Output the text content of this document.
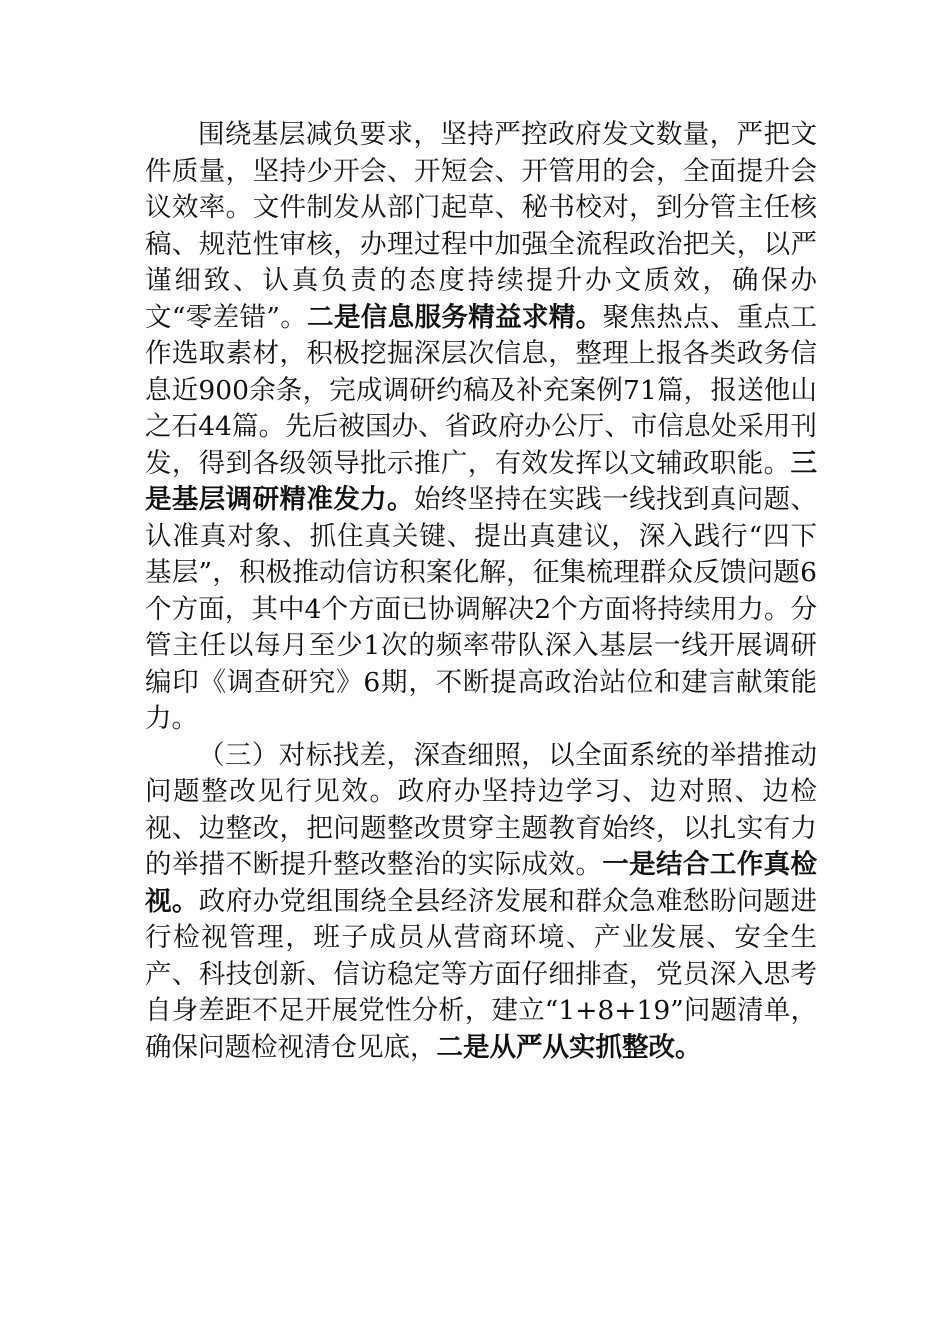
围绕基层减负要求，坚持严控政府发文数量，严把文件质量，坚持少开会、开短会、开管用的会，全面提升会议效率。文件制发从部门起草、秘书校对，到分管主任核稿、规范性审核，办理过程中加强全流程政治把关，以严谨细致、认真负责的态度持续提升办文质效，确保办文“零差错”。二是信息服务精益求精。聚焦热点、重点工作选取素材，积极挖掘深层次信息，整理上报各类政务信息近900余条，完成调研约稿及补充案例71篇，报送他山之石44篇。先后被国办、省政府办公厅、市信息处采用刊发，得到各级领导批示推广，有效发挥以文辅政职能。三是基层调研精准发力。始终坚持在实践一线找到真问题、认准真对象、抓住真关键、提出真建议，深入践行“四下基层”，积极推动信访积案化解，征集梳理群众反馈问题6个方面，其中4个方面已协调解决2个方面将持续用力。分管主任以每月至少1次的频率带队深入基层一线开展调研编印《调查研究》6期，不断提高政治站位和建言献策能力。

（三）对标找差，深查细照，以全面系统的举措推动问题整改见行见效。政府办坚持边学习、边对照、边检视、边整改，把问题整改贯穿主题教育始终，以扎实有力的举措不断提升整改整治的实际成效。一是结合工作真检视。政府办党组围绕全县经济发展和群众急难愁盼问题进行检视管理，班子成员从营商环境、产业发展、安全生产、科技创新、信访稳定等方面仔细排查，党员深入思考自身差距不足开展党性分析，建立“1+8+19”问题清单，确保问题检视清仓见底，二是从严从实抓整改。
